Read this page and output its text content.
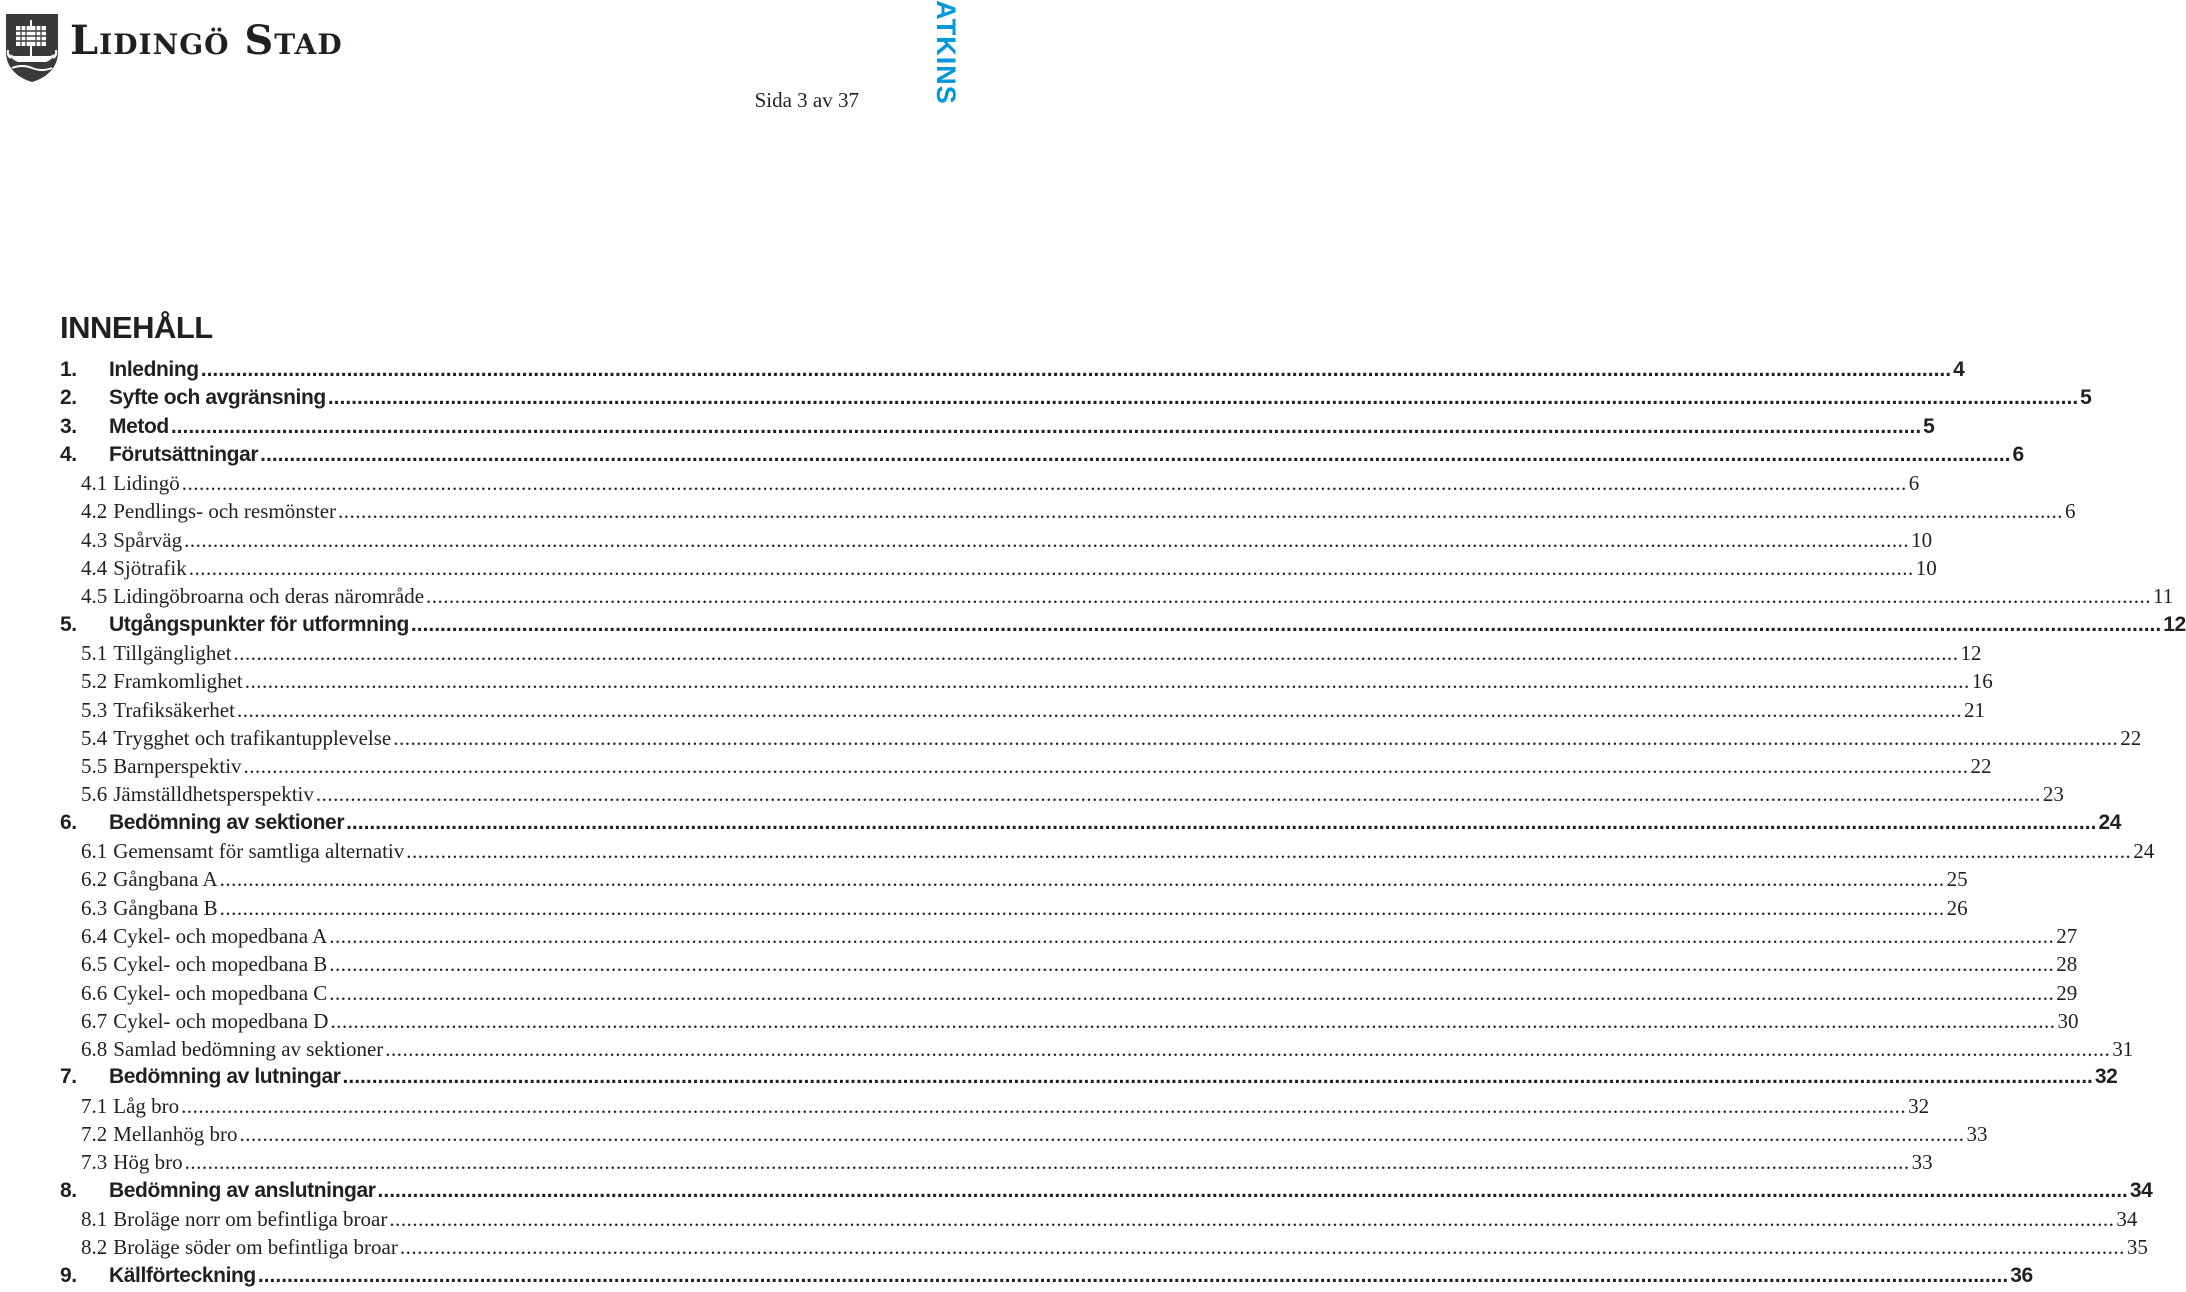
Lidingö Stad
Sida 3 av 37	ATKINS
INNEHÅLL
1.	Inledning ............................................................................................................................................................................................................................................................................................................ 4
2.	Syfte och avgränsning ............................................................................................................................................................................................................................................................................................................ 5
3.	Metod ............................................................................................................................................................................................................................................................................................................ 5
4.	Förutsättningar ............................................................................................................................................................................................................................................................................................................ 6
4.1 Lidingö ............................................................................................................................................................................................................................................................................................................ 6
4.2 Pendlings- och resmönster ............................................................................................................................................................................................................................................................................................................ 6
4.3 Spårväg ............................................................................................................................................................................................................................................................................................................ 10
4.4 Sjötrafik ............................................................................................................................................................................................................................................................................................................ 10
4.5 Lidingöbroarna och deras närområde ............................................................................................................................................................................................................................................................................................................ 11
5.	Utgångspunkter för utformning ............................................................................................................................................................................................................................................................................................................ 12
5.1 Tillgänglighet ............................................................................................................................................................................................................................................................................................................ 12
5.2 Framkomlighet ............................................................................................................................................................................................................................................................................................................ 16
5.3 Trafiksäkerhet ............................................................................................................................................................................................................................................................................................................ 21
5.4 Trygghet och trafikantupplevelse ............................................................................................................................................................................................................................................................................................................ 22
5.5 Barnperspektiv ............................................................................................................................................................................................................................................................................................................ 22
5.6 Jämställdhetsperspektiv ............................................................................................................................................................................................................................................................................................................ 23
6.	Bedömning av sektioner ............................................................................................................................................................................................................................................................................................................ 24
6.1 Gemensamt för samtliga alternativ ............................................................................................................................................................................................................................................................................................................ 24
6.2 Gångbana A ............................................................................................................................................................................................................................................................................................................ 25
6.3 Gångbana B ............................................................................................................................................................................................................................................................................................................ 26
6.4 Cykel- och mopedbana A ............................................................................................................................................................................................................................................................................................................ 27
6.5 Cykel- och mopedbana B ............................................................................................................................................................................................................................................................................................................ 28
6.6 Cykel- och mopedbana C ............................................................................................................................................................................................................................................................................................................ 29
6.7 Cykel- och mopedbana D ............................................................................................................................................................................................................................................................................................................ 30
6.8 Samlad bedömning av sektioner ............................................................................................................................................................................................................................................................................................................ 31
7.	Bedömning av lutningar ............................................................................................................................................................................................................................................................................................................ 32
7.1 Låg bro ............................................................................................................................................................................................................................................................................................................ 32
7.2 Mellanhög bro ............................................................................................................................................................................................................................................................................................................ 33
7.3 Hög bro ............................................................................................................................................................................................................................................................................................................ 33
8.	Bedömning av anslutningar ............................................................................................................................................................................................................................................................................................................ 34
8.1 Broläge norr om befintliga broar ............................................................................................................................................................................................................................................................................................................ 34
8.2 Broläge söder om befintliga broar ............................................................................................................................................................................................................................................................................................................ 35
9.	Källförteckning ............................................................................................................................................................................................................................................................................................................ 36
